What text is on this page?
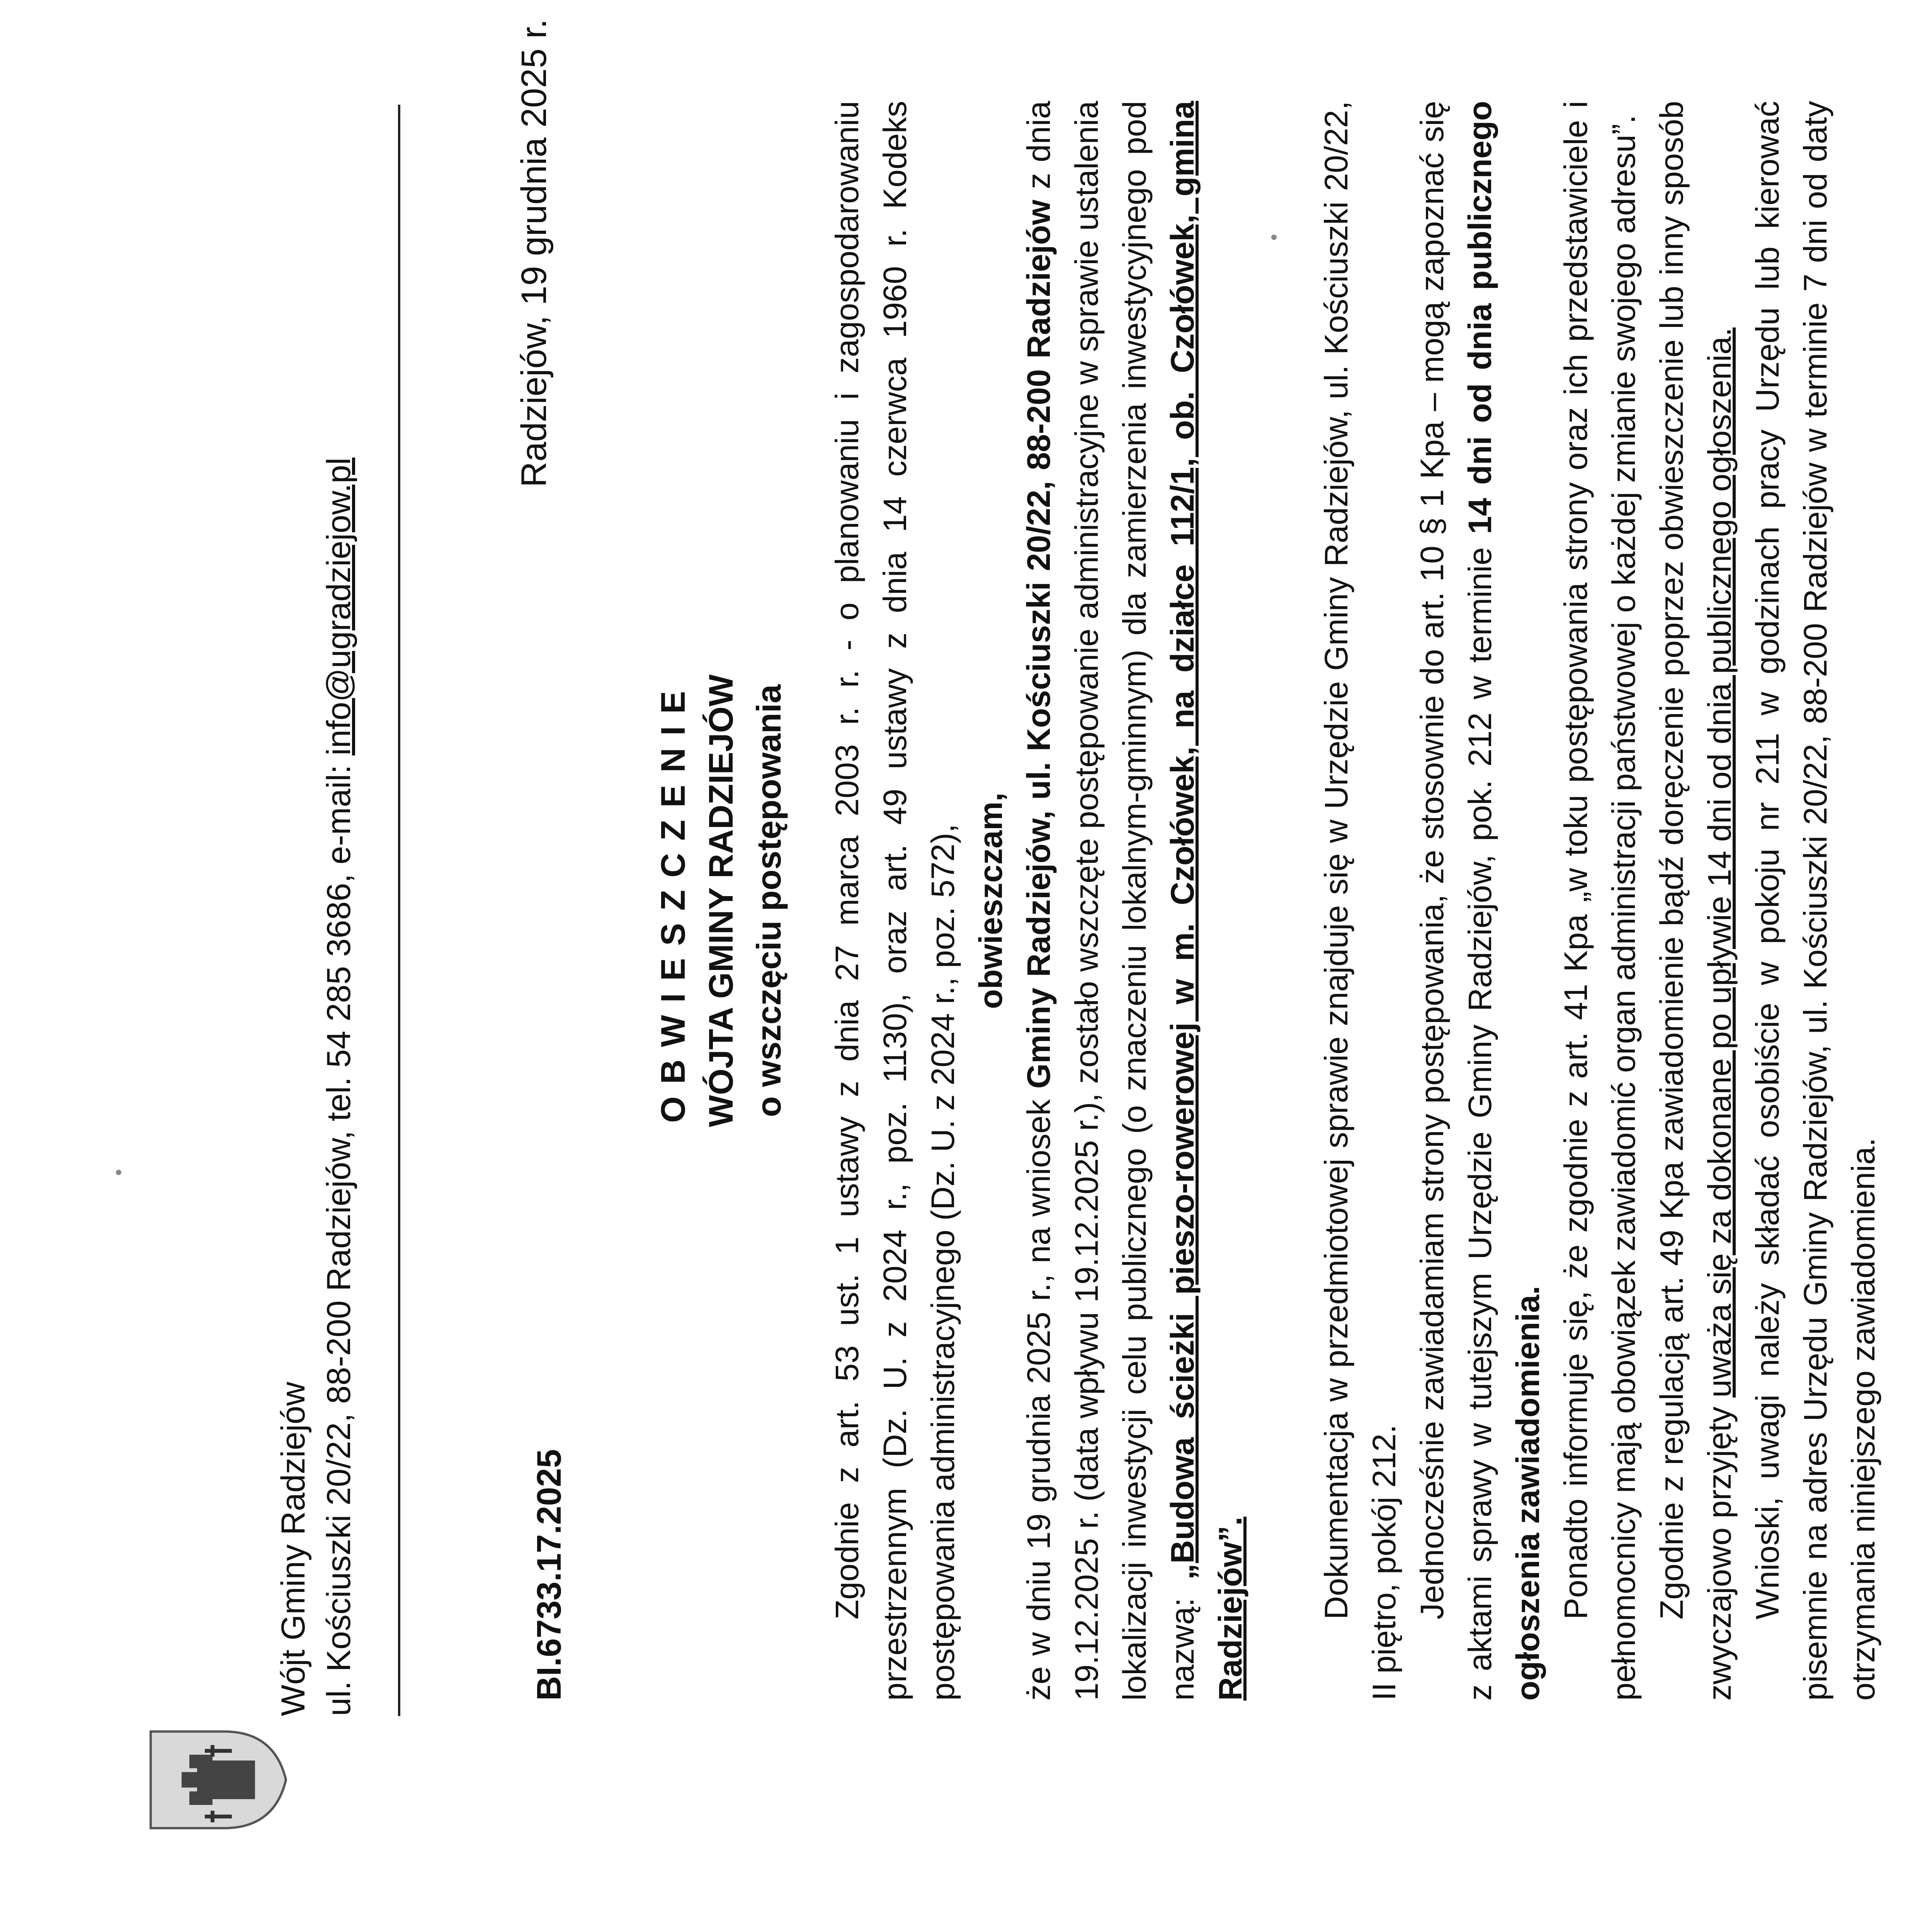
Wójt Gminy Radziejów ul. Kościuszki 20/22, 88-200 Radziejów, tel. 54 285 3686, e-mail: info@ugradziejow.pl
BI.6733.17.2025
Radziejów, 19 grudnia 2025 r.
OBWIESZCZENIE WÓJTA GMINY RADZIEJÓW o wszczęciu postępowania Zgodnie z art. 53 ust. 1 ustawy z dnia 27 marca 2003 r. r. - o planowaniu i zagospodarowaniu przestrzennym (Dz. U. z 2024 r., poz. 1130), oraz art. 49 ustawy z dnia 14 czerwca 1960 r. Kodeks postępowania administracyjnego (Dz. U. z 2024 r., poz. 572), obwieszczam,

że w dniu 19 grudnia 2025 r., na wniosek Gminy Radziejów, ul. Kościuszki 20/22, 88-200 Radziejów z dnia 19.12.2025 r. (data wpływu 19.12.2025 r.), zostało wszczęte postępowanie administracyjne w sprawie ustalenia lokalizacji inwestycji celu publicznego (o znaczeniu lokalnym-gminnym) dla zamierzenia inwestycyjnego pod nazwą: „Budowa ścieżki pieszo-rowerowej w m. Czołówek, na działce 112/1, ob. Czołówek, gmina Radziejów”. Dokumentacja w przedmiotowej sprawie znajduje się w Urzędzie Gminy Radziejów, ul. Kościuszki 20/22, II piętro, pokój 212. Jednocześnie zawiadamiam strony postępowania, że stosownie do art. 10 § 1 Kpa – mogą zapoznać się z aktami sprawy w tutejszym Urzędzie Gminy Radziejów, pok. 212 w terminie 14 dni od dnia publicznego ogłoszenia zawiadomienia. Ponadto informuje się, że zgodnie z art. 41 Kpa „w toku postępowania strony oraz ich przedstawiciele i pełnomocnicy mają obowiązek zawiadomić organ administracji państwowej o każdej zmianie swojego adresu”. Zgodnie z regulacją art. 49 Kpa zawiadomienie bądź doręczenie poprzez obwieszczenie lub inny sposób zwyczajowo przyjęty uważa się za dokonane po upływie 14 dni od dnia publicznego ogłoszenia. Wnioski, uwagi należy składać osobiście w pokoju nr 211 w godzinach pracy Urzędu lub kierować pisemnie na adres Urzędu Gminy Radziejów, ul. Kościuszki 20/22, 88-200 Radziejów w terminie 7 dni od daty otrzymania niniejszego zawiadomienia.
